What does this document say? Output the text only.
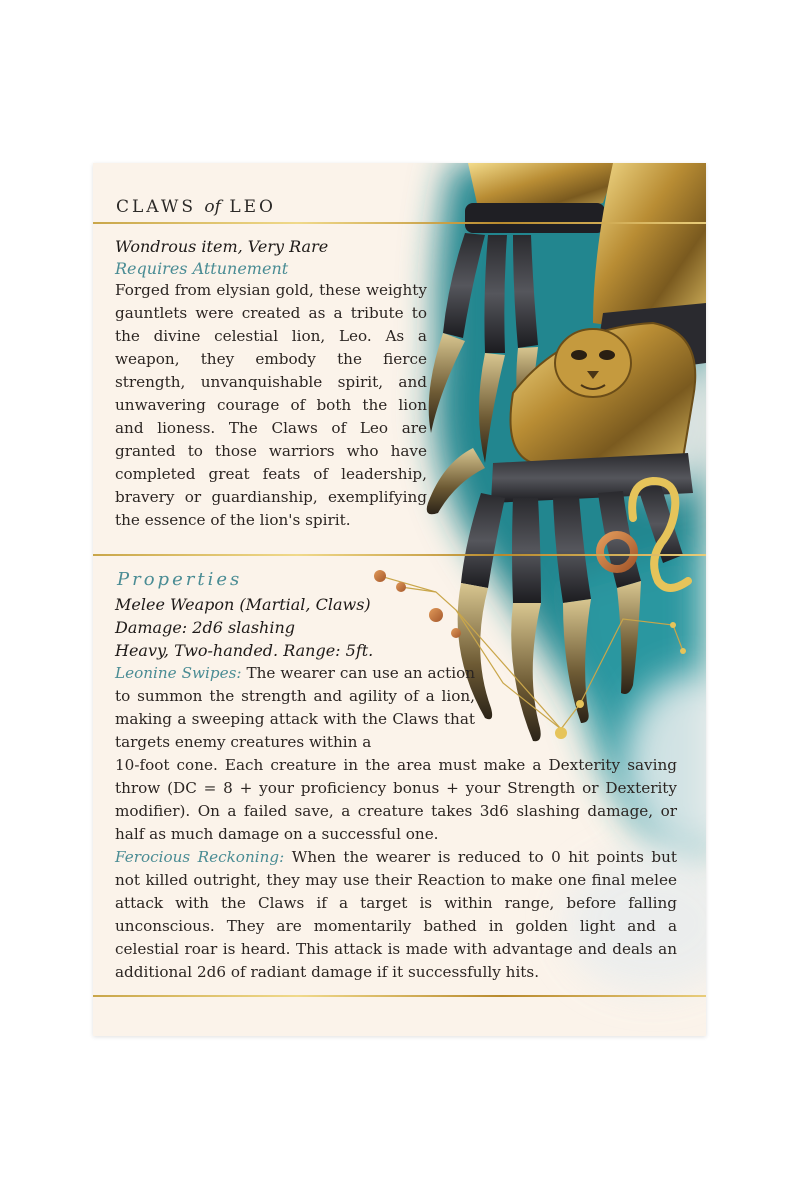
CLAWS of LEO
Wondrous item, Very Rare
Requires Attunement
Forged from elysian gold, these weighty gauntlets were created as a tribute to the divine celestial lion, Leo. As a weapon, they embody the fierce strength, unvanquishable spirit, and unwavering courage of both the lion and lioness. The Claws of Leo are granted to those warriors who have completed great feats of leadership, bravery or guardianship, exemplifying the essence of the lion's spirit.
Properties
Melee Weapon (Martial, Claws)
Damage: 2d6 slashing
Heavy, Two-handed. Range: 5ft.
Leonine Swipes: The wearer can use an action to summon the strength and agility of a lion, making a sweeping attack with the Claws that targets enemy creatures within a
10-foot cone. Each creature in the area must make a Dexterity saving throw (DC = 8 + your proficiency bonus + your Strength or Dexterity modifier). On a failed save, a creature takes 3d6 slashing damage, or half as much damage on a successful one.
Ferocious Reckoning: When the wearer is reduced to 0 hit points but not killed outright, they may use their Reaction to make one final melee attack with the Claws if a target is within range, before falling unconscious. They are momentarily bathed in golden light and a celestial roar is heard. This attack is made with advantage and deals an additional 2d6 of radiant damage if it successfully hits.
